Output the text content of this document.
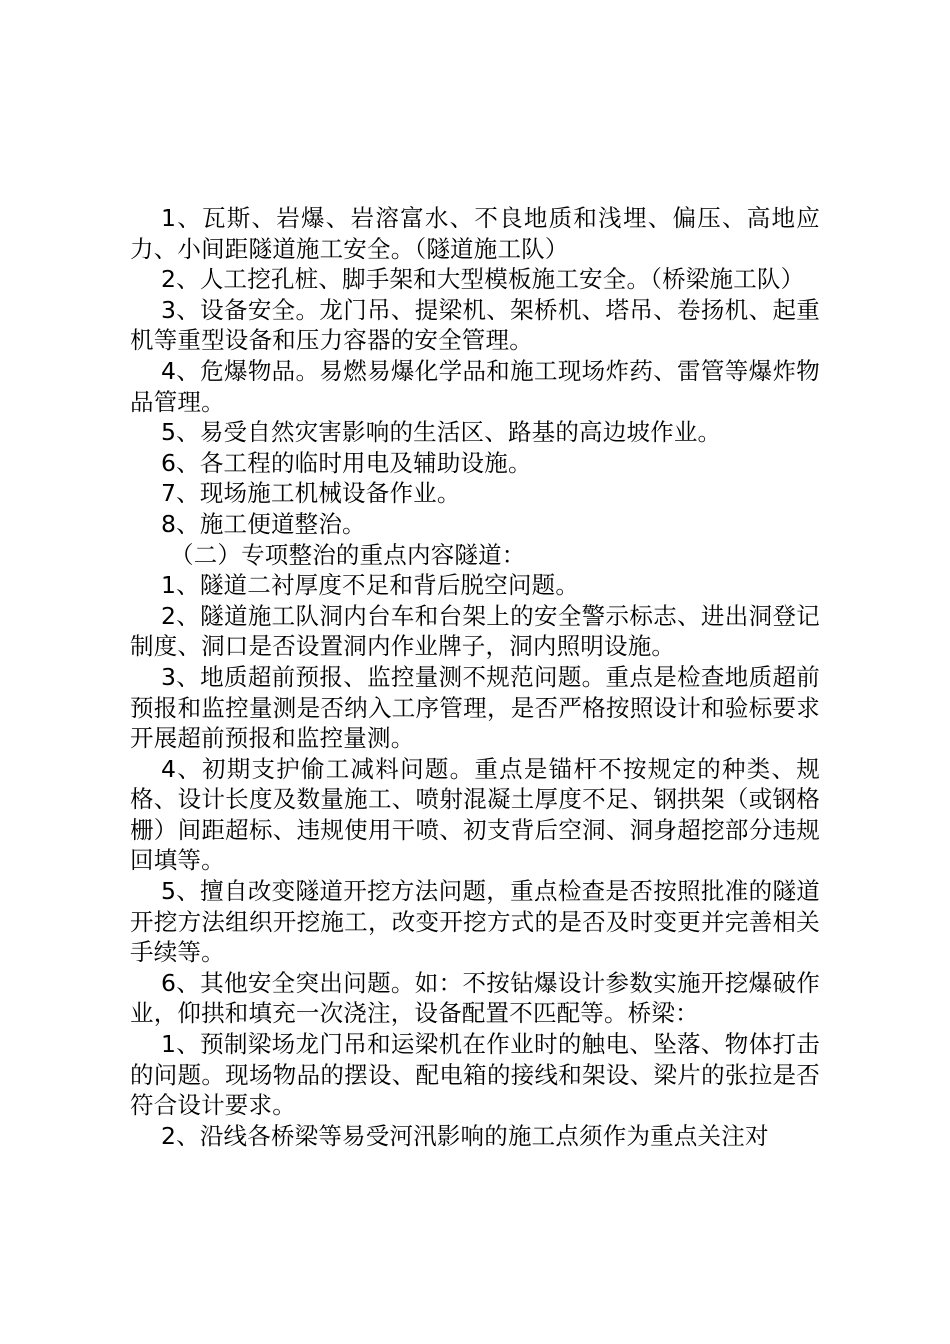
1、瓦斯、岩爆、岩溶富水、不良地质和浅埋、偏压、高地应力、小间距隧道施工安全。（隧道施工队）

2、人工挖孔桩、脚手架和大型模板施工安全。（桥梁施工队）

3、设备安全。龙门吊、提梁机、架桥机、塔吊、卷扬机、起重机等重型设备和压力容器的安全管理。

4、危爆物品。易燃易爆化学品和施工现场炸药、雷管等爆炸物品管理。

5、易受自然灾害影响的生活区、路基的高边坡作业。

6、各工程的临时用电及辅助设施。

7、现场施工机械设备作业。

8、施工便道整治。

（二）专项整治的重点内容隧道：

1、隧道二衬厚度不足和背后脱空问题。

2、隧道施工队洞内台车和台架上的安全警示标志、进出洞登记制度、洞口是否设置洞内作业牌子，洞内照明设施。

3、地质超前预报、监控量测不规范问题。重点是检查地质超前预报和监控量测是否纳入工序管理，是否严格按照设计和验标要求开展超前预报和监控量测。

4、初期支护偷工减料问题。重点是锚杆不按规定的种类、规格、设计长度及数量施工、喷射混凝土厚度不足、钢拱架（或钢格栅）间距超标、违规使用干喷、初支背后空洞、洞身超挖部分违规回填等。

5、擅自改变隧道开挖方法问题，重点检查是否按照批准的隧道开挖方法组织开挖施工，改变开挖方式的是否及时变更并完善相关手续等。

6、其他安全突出问题。如：不按钻爆设计参数实施开挖爆破作业，仰拱和填充一次浇注，设备配置不匹配等。桥梁：

1、预制梁场龙门吊和运梁机在作业时的触电、坠落、物体打击的问题。现场物品的摆设、配电箱的接线和架设、梁片的张拉是否符合设计要求。

2、沿线各桥梁等易受河汛影响的施工点须作为重点关注对
